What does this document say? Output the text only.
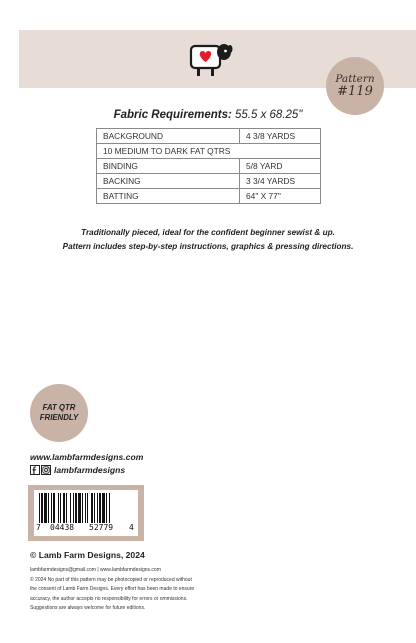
Pattern
#119
Fabric Requirements: 55.5 x 68.25"
BACKGROUND	4 3/8 YARDS
10 MEDIUM TO DARK FAT QTRS	
BINDING	5/8 YARD
BACKING	3 3/4 YARDS
BATTING	64" X 77"
Traditionally pieced, ideal for the confident beginner sewist & up.
Pattern includes step-by-step instructions, graphics & pressing directions.
FAT QTR
FRIENDLY
www.lambfarmdesigns.com
lambfarmdesigns
7 04438 52779 4
© Lamb Farm Designs, 2024
lambfarmdesigns@gmail.com | www.lambfarmdesigns.com
© 2024 No part of this pattern may be photocopied or reproduced without
the consent of Lamb Farm Designs. Every effort has been made to ensure
accuracy, the author accepts no responsibility for errors or ommissions.
Suggestions are always welcome for future editions.
